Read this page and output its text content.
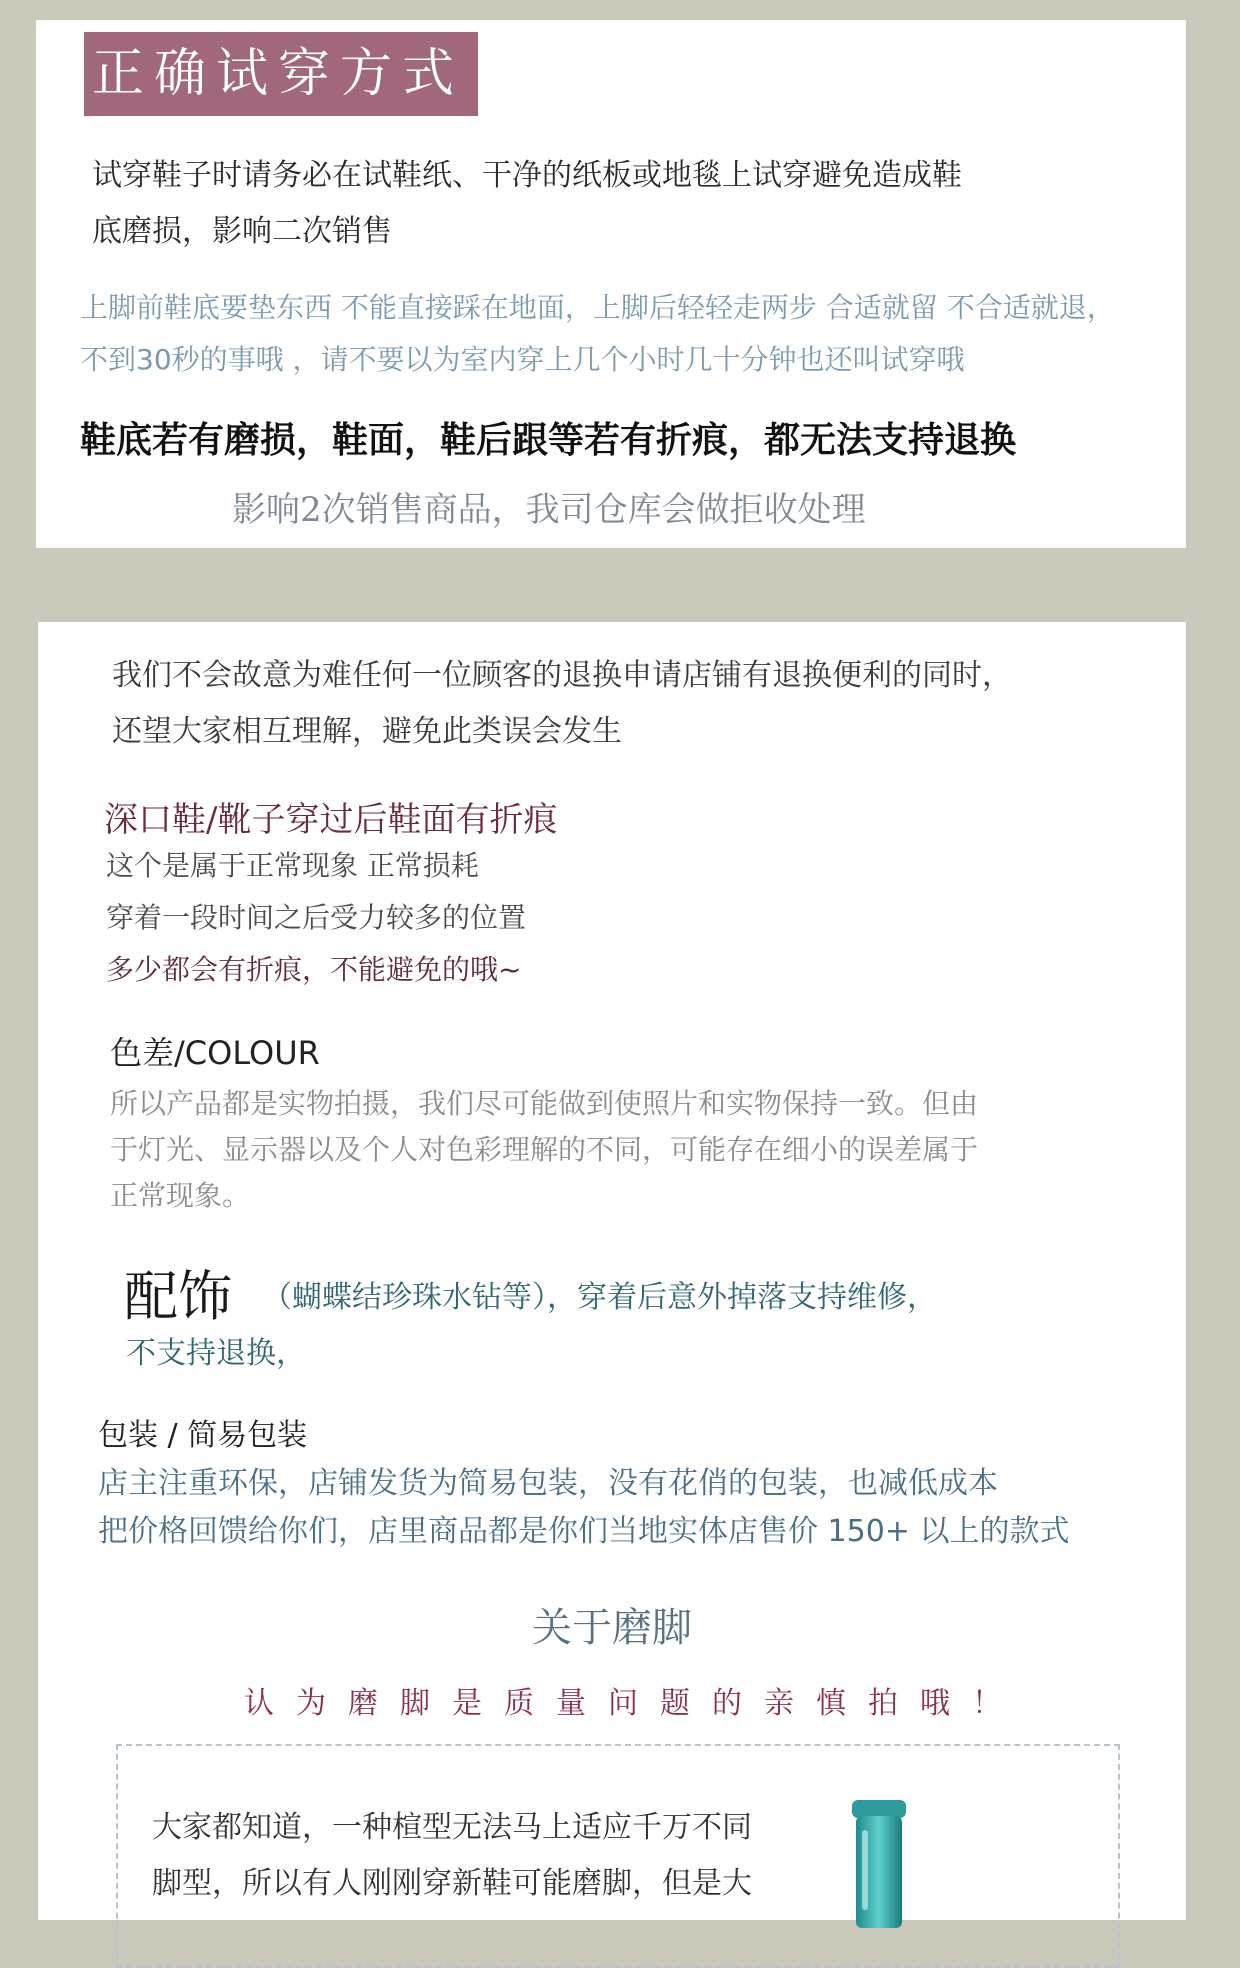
正确试穿方式
试穿鞋子时请务必在试鞋纸、干净的纸板或地毯上试穿避免造成鞋
底磨损，影响二次销售
上脚前鞋底要垫东西 不能直接踩在地面，上脚后轻轻走两步 合适就留 不合适就退，
不到30秒的事哦 ，请不要以为室内穿上几个小时几十分钟也还叫试穿哦
鞋底若有磨损，鞋面，鞋后跟等若有折痕，都无法支持退换
影响2次销售商品，我司仓库会做拒收处理
我们不会故意为难任何一位顾客的退换申请店铺有退换便利的同时，
还望大家相互理解，避免此类误会发生
深口鞋/靴子穿过后鞋面有折痕
这个是属于正常现象 正常损耗
穿着一段时间之后受力较多的位置
多少都会有折痕，不能避免的哦~
色差/COLOUR
所以产品都是实物拍摄，我们尽可能做到使照片和实物保持一致。但由
于灯光、显示器以及个人对色彩理解的不同，可能存在细小的误差属于
正常现象。
配饰 （蝴蝶结珍珠水钻等），穿着后意外掉落支持维修，
不支持退换，
包装 / 简易包装
店主注重环保，店铺发货为简易包装，没有花俏的包装，也减低成本
把价格回馈给你们，店里商品都是你们当地实体店售价 150+ 以上的款式
关于磨脚
认为磨脚是质量问题的亲慎拍哦！
大家都知道，一种楦型无法马上适应千万不同
脚型，所以有人刚刚穿新鞋可能磨脚，但是大
